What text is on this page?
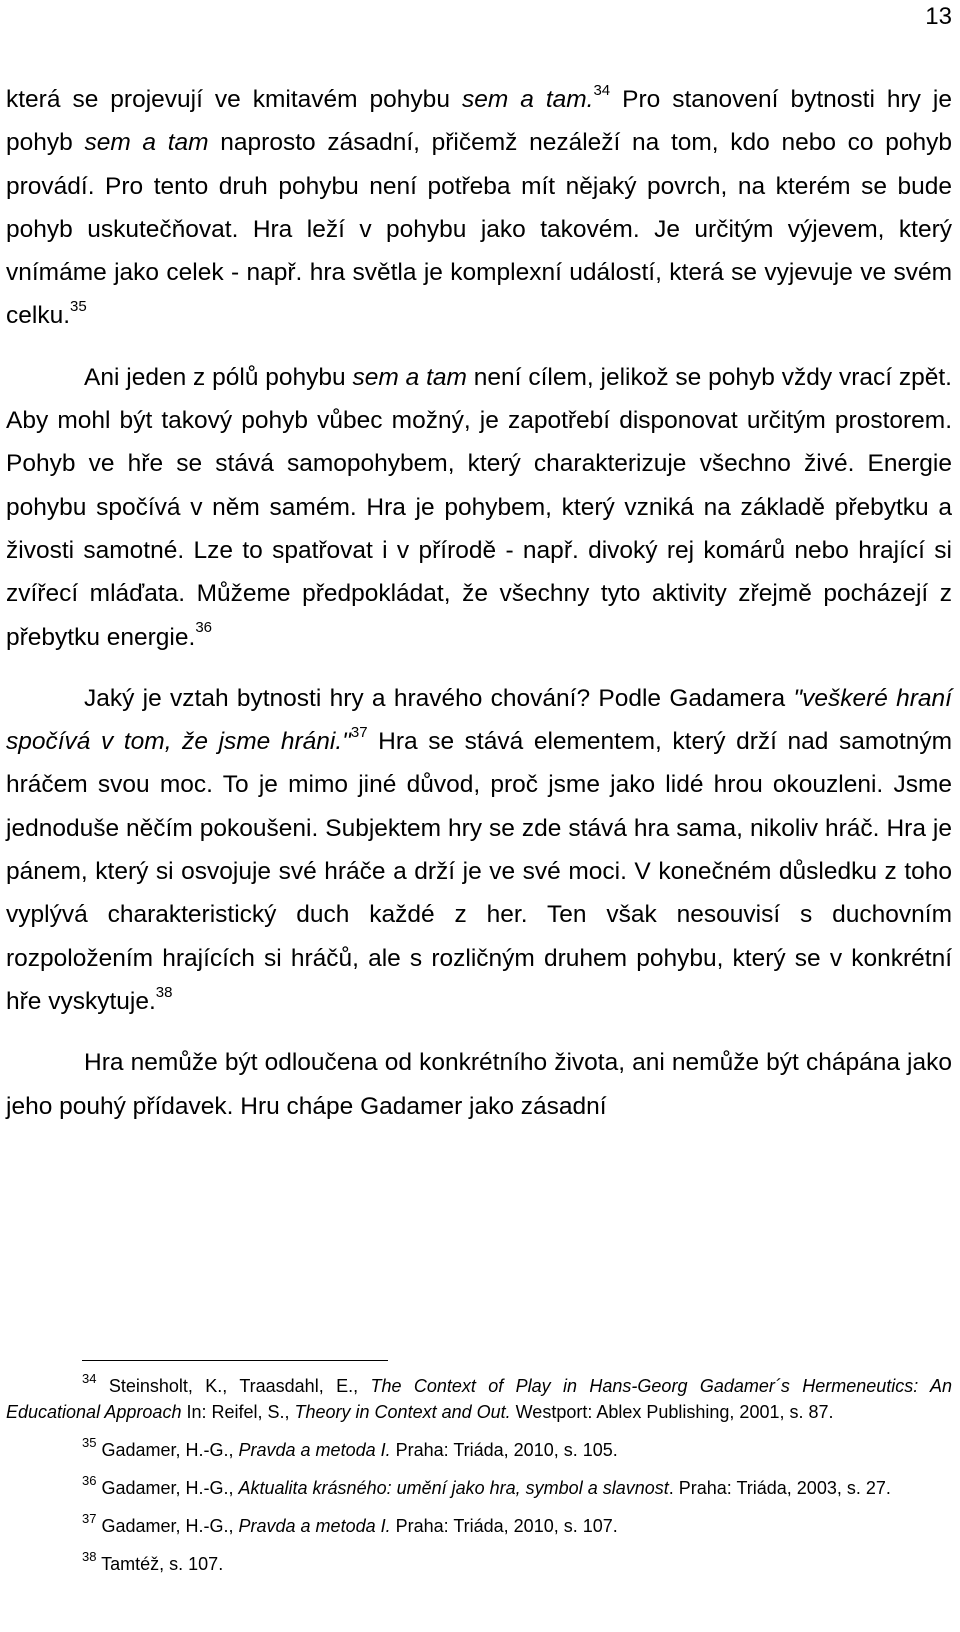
13

která se projevují ve kmitavém pohybu sem a tam.$^{34}$ Pro stanovení bytnosti hry je pohyb sem a tam naprosto zásadní, přičemž nezáleží na tom, kdo nebo co pohyb provádí. Pro tento druh pohybu není potřeba mít nějaký povrch, na kterém se bude pohyb uskutečňovat. Hra leží v pohybu jako takovém. Je určitým výjevem, který vnímáme jako celek - např. hra světla je komplexní událostí, která se vyjevuje ve svém celku.$^{35}$

Ani jeden z pólů pohybu sem a tam není cílem, jelikož se pohyb vždy vrací zpět. Aby mohl být takový pohyb vůbec možný, je zapotřebí disponovat určitým prostorem. Pohyb ve hře se stává samopohybem, který charakterizuje všechno živé. Energie pohybu spočívá v něm samém. Hra je pohybem, který vzniká na základě přebytku a živosti samotné. Lze to spatřovat i v přírodě - např. divoký rej komárů nebo hrající si zvířecí mláďata. Můžeme předpokládat, že všechny tyto aktivity zřejmě pocházejí z přebytku energie.$^{36}$

Jaký je vztah bytnosti hry a hravého chování? Podle Gadamera "veškeré hraní spočívá v tom, že jsme hráni."$^{37}$ Hra se stává elementem, který drží nad samotným hráčem svou moc. To je mimo jiné důvod, proč jsme jako lidé hrou okouzleni. Jsme jednoduše něčím pokoušeni. Subjektem hry se zde stává hra sama, nikoliv hráč. Hra je pánem, který si osvojuje své hráče a drží je ve své moci. V konečném důsledku z toho vyplývá charakteristický duch každé z her. Ten však nesouvisí s duchovním rozpoložením hrajících si hráčů, ale s rozličným druhem pohybu, který se v konkrétní hře vyskytuje.$^{38}$

Hra nemůže být odloučena od konkrétního života, ani nemůže být chápána jako jeho pouhý přídavek. Hru chápe Gadamer jako zásadní

$^{34}$ Steinsholt, K., Traasdahl, E., The Context of Play in Hans-Georg Gadamer´s Hermeneutics: An Educational Approach In: Reifel, S., Theory in Context and Out. Westport: Ablex Publishing, 2001, s. 87.

$^{35}$ Gadamer, H.-G., Pravda a metoda I. Praha: Triáda, 2010, s. 105.

$^{36}$ Gadamer, H.-G., Aktualita krásného: umění jako hra, symbol a slavnost. Praha: Triáda, 2003, s. 27.

$^{37}$ Gadamer, H.-G., Pravda a metoda I. Praha: Triáda, 2010, s. 107.

$^{38}$ Tamtéž, s. 107.
